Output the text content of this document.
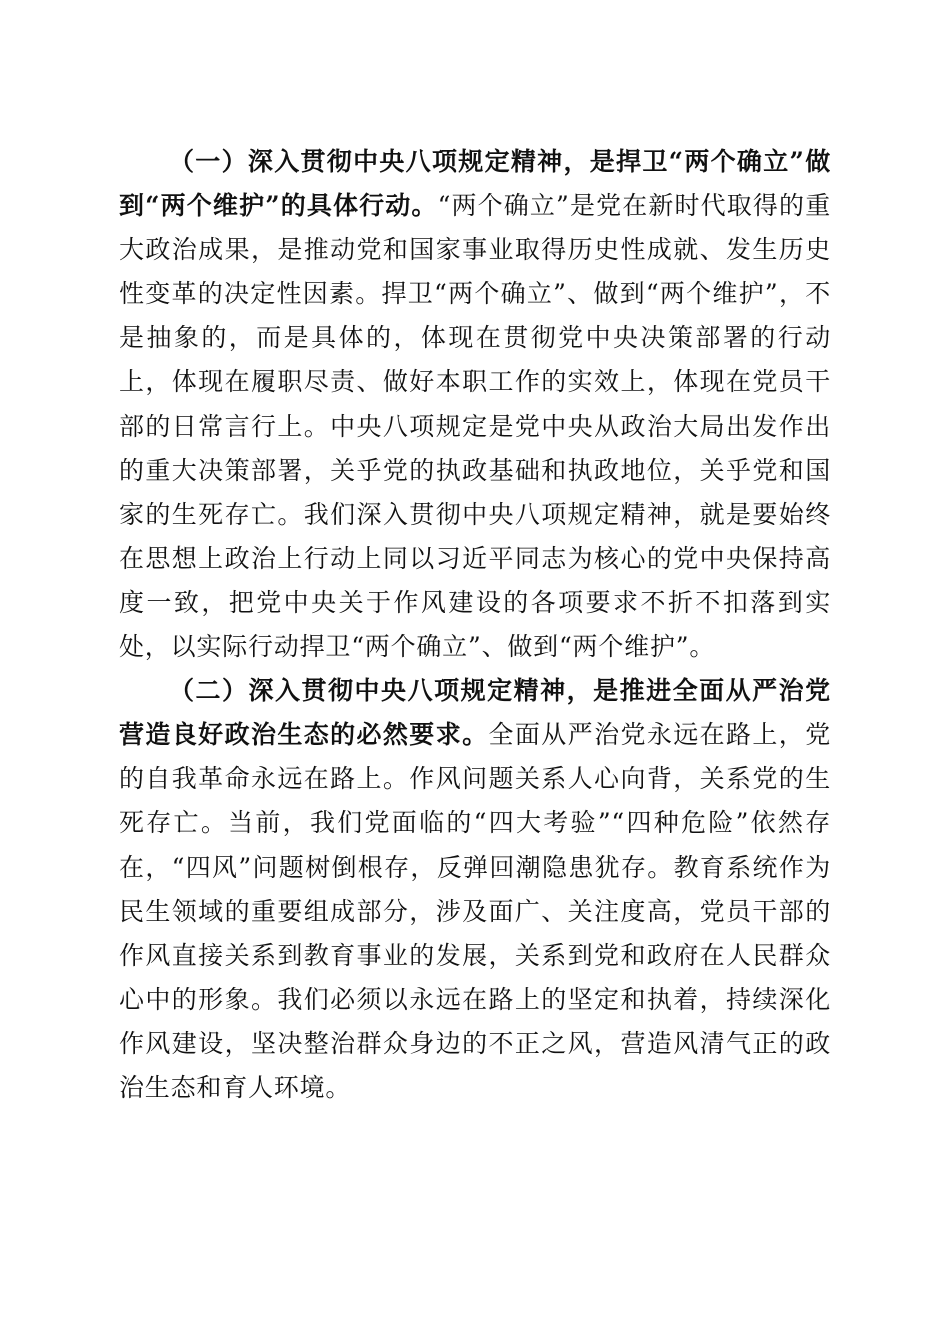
（一）深入贯彻中央八项规定精神，是捍卫“两个确立”做到“两个维护”的具体行动。“两个确立”是党在新时代取得的重大政治成果，是推动党和国家事业取得历史性成就、发生历史性变革的决定性因素。捍卫“两个确立”、做到“两个维护”，不是抽象的，而是具体的，体现在贯彻党中央决策部署的行动上，体现在履职尽责、做好本职工作的实效上，体现在党员干部的日常言行上。中央八项规定是党中央从政治大局出发作出的重大决策部署，关乎党的执政基础和执政地位，关乎党和国家的生死存亡。我们深入贯彻中央八项规定精神，就是要始终在思想上政治上行动上同以习近平同志为核心的党中央保持高度一致，把党中央关于作风建设的各项要求不折不扣落到实处，以实际行动捍卫“两个确立”、做到“两个维护”。

（二）深入贯彻中央八项规定精神，是推进全面从严治党营造良好政治生态的必然要求。全面从严治党永远在路上，党的自我革命永远在路上。作风问题关系人心向背，关系党的生死存亡。当前，我们党面临的“四大考验”“四种危险”依然存在，“四风”问题树倒根存，反弹回潮隐患犹存。教育系统作为民生领域的重要组成部分，涉及面广、关注度高，党员干部的作风直接关系到教育事业的发展，关系到党和政府在人民群众心中的形象。我们必须以永远在路上的坚定和执着，持续深化作风建设，坚决整治群众身边的不正之风，营造风清气正的政治生态和育人环境。
